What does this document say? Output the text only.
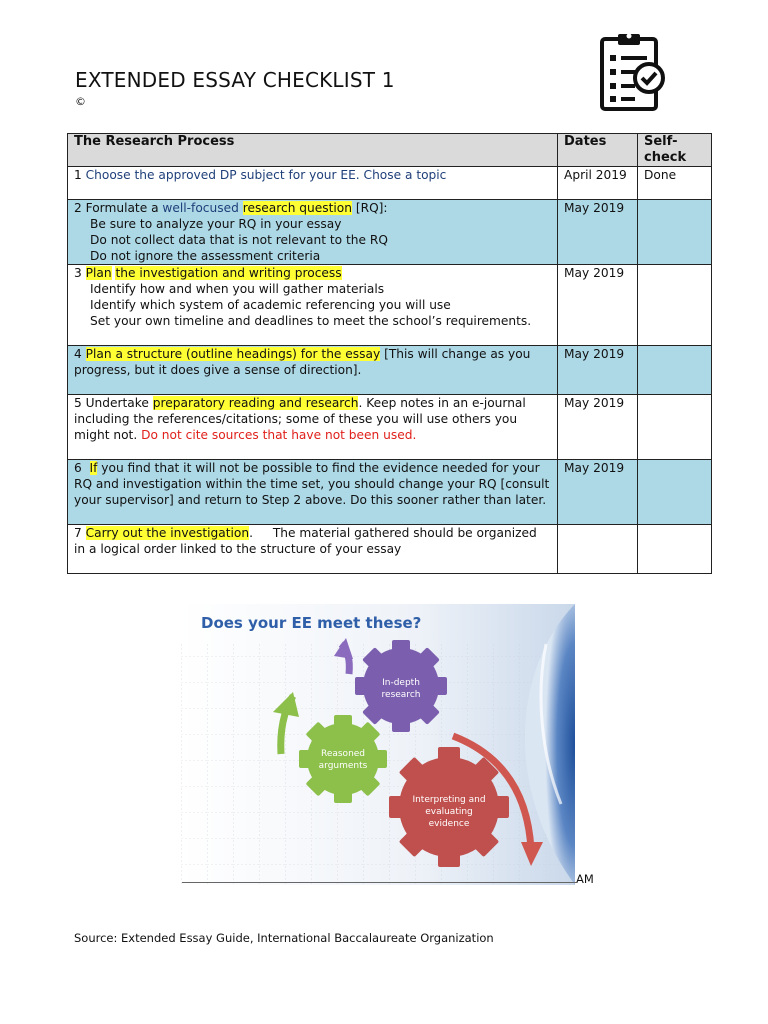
EXTENDED ESSAY CHECKLIST 1
©
The Research Process	Dates	Self-check
1 Choose the approved DP subject for your EE. Chose a topic	April 2019	Done
2 Formulate a well-focused research question [RQ]:
Be sure to analyze your RQ in your essay
Do not collect data that is not relevant to the RQ
Do not ignore the assessment criteria	May 2019	
3 Plan the investigation and writing process
Identify how and when you will gather materials
Identify which system of academic referencing you will use
Set your own timeline and deadlines to meet the school’s requirements.	May 2019	
4 Plan a structure (outline headings) for the essay [This will change as you progress, but it does give a sense of direction].	May 2019	
5 Undertake preparatory reading and research. Keep notes in an e-journal including the references/citations; some of these you will use others you might not. Do not cite sources that have not been used.	May 2019	
6 If you find that it will not be possible to find the evidence needed for your RQ and investigation within the time set, you should change your RQ [consult your supervisor] and return to Step 2 above. Do this sooner rather than later.	May 2019	
7 Carry out the investigation. The material gathered should be organized in a logical order linked to the structure of your essay		
Does your EE meet these?
In-depth
research
Reasoned
arguments
Interpreting and
evaluating
evidence
AM
Source: Extended Essay Guide, International Baccalaureate Organization
